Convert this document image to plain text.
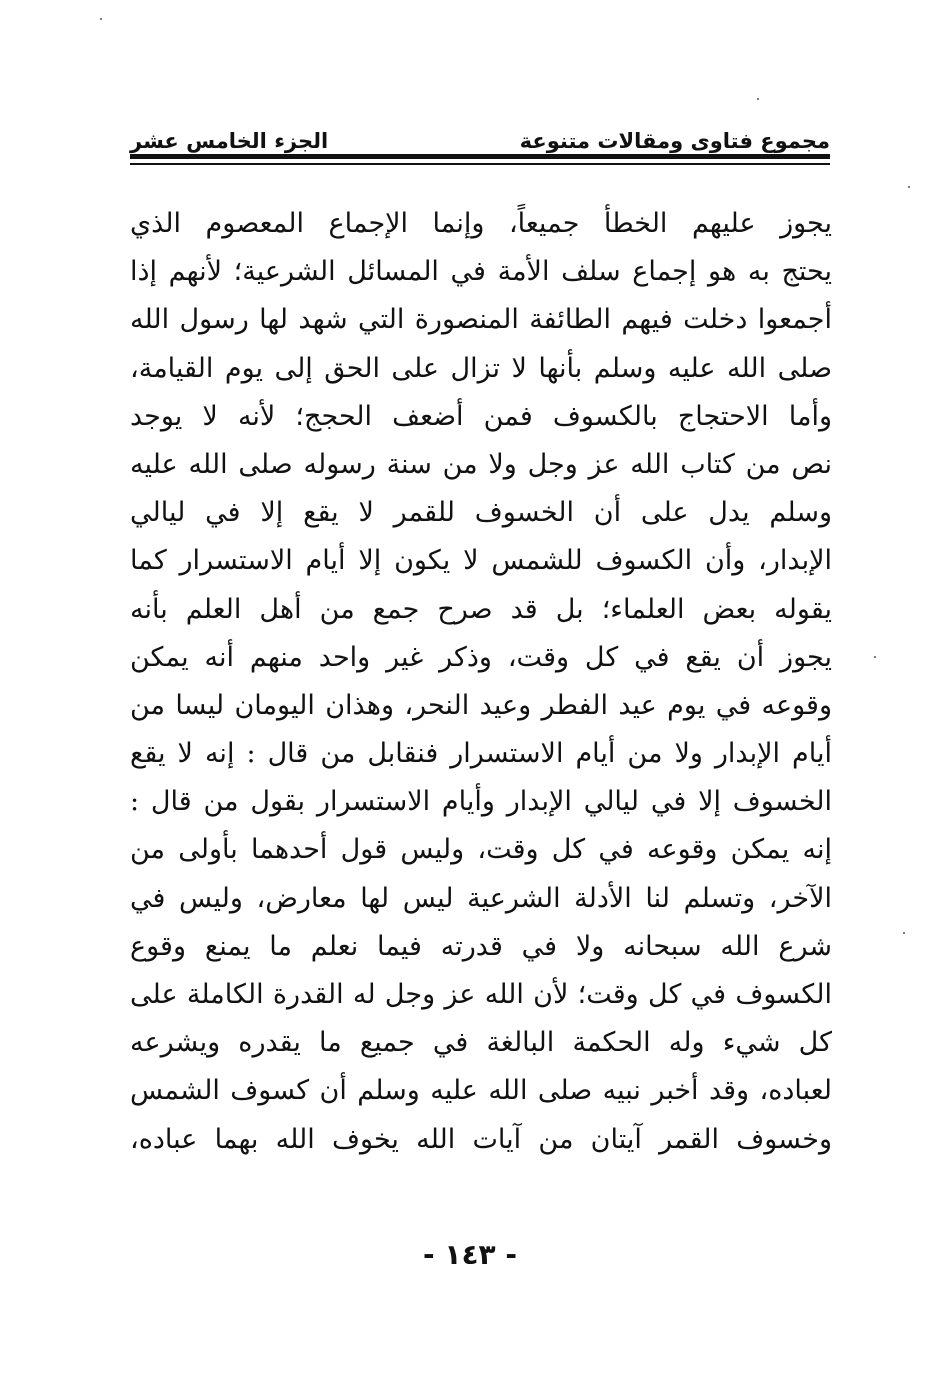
مجموع فتاوى ومقالات متنوعة
الجزء الخامس عشر
يجوز عليهم الخطأ جميعاً، وإنما الإجماع المعصوم الذي
يحتج به هو إجماع سلف الأمة في المسائل الشرعية؛ لأنهم إذا
أجمعوا دخلت فيهم الطائفة المنصورة التي شهد لها رسول الله
صلى الله عليه وسلم بأنها لا تزال على الحق إلى يوم القيامة،
وأما الاحتجاج بالكسوف فمن أضعف الحجج؛ لأنه لا يوجد
نص من كتاب الله عز وجل ولا من سنة رسوله صلى الله عليه
وسلم يدل على أن الخسوف للقمر لا يقع إلا في ليالي
الإبدار، وأن الكسوف للشمس لا يكون إلا أيام الاستسرار كما
يقوله بعض العلماء؛ بل قد صرح جمع من أهل العلم بأنه
يجوز أن يقع في كل وقت، وذكر غير واحد منهم أنه يمكن
وقوعه في يوم عيد الفطر وعيد النحر، وهذان اليومان ليسا من
أيام الإبدار ولا من أيام الاستسرار فنقابل من قال : إنه لا يقع
الخسوف إلا في ليالي الإبدار وأيام الاستسرار بقول من قال :
إنه يمكن وقوعه في كل وقت، وليس قول أحدهما بأولى من
الآخر، وتسلم لنا الأدلة الشرعية ليس لها معارض، وليس في
شرع الله سبحانه ولا في قدرته فيما نعلم ما يمنع وقوع
الكسوف في كل وقت؛ لأن الله عز وجل له القدرة الكاملة على
كل شيء وله الحكمة البالغة في جميع ما يقدره ويشرعه
لعباده، وقد أخبر نبيه صلى الله عليه وسلم أن كسوف الشمس
وخسوف القمر آيتان من آيات الله يخوف الله بهما عباده،
- ١٤٣ -
